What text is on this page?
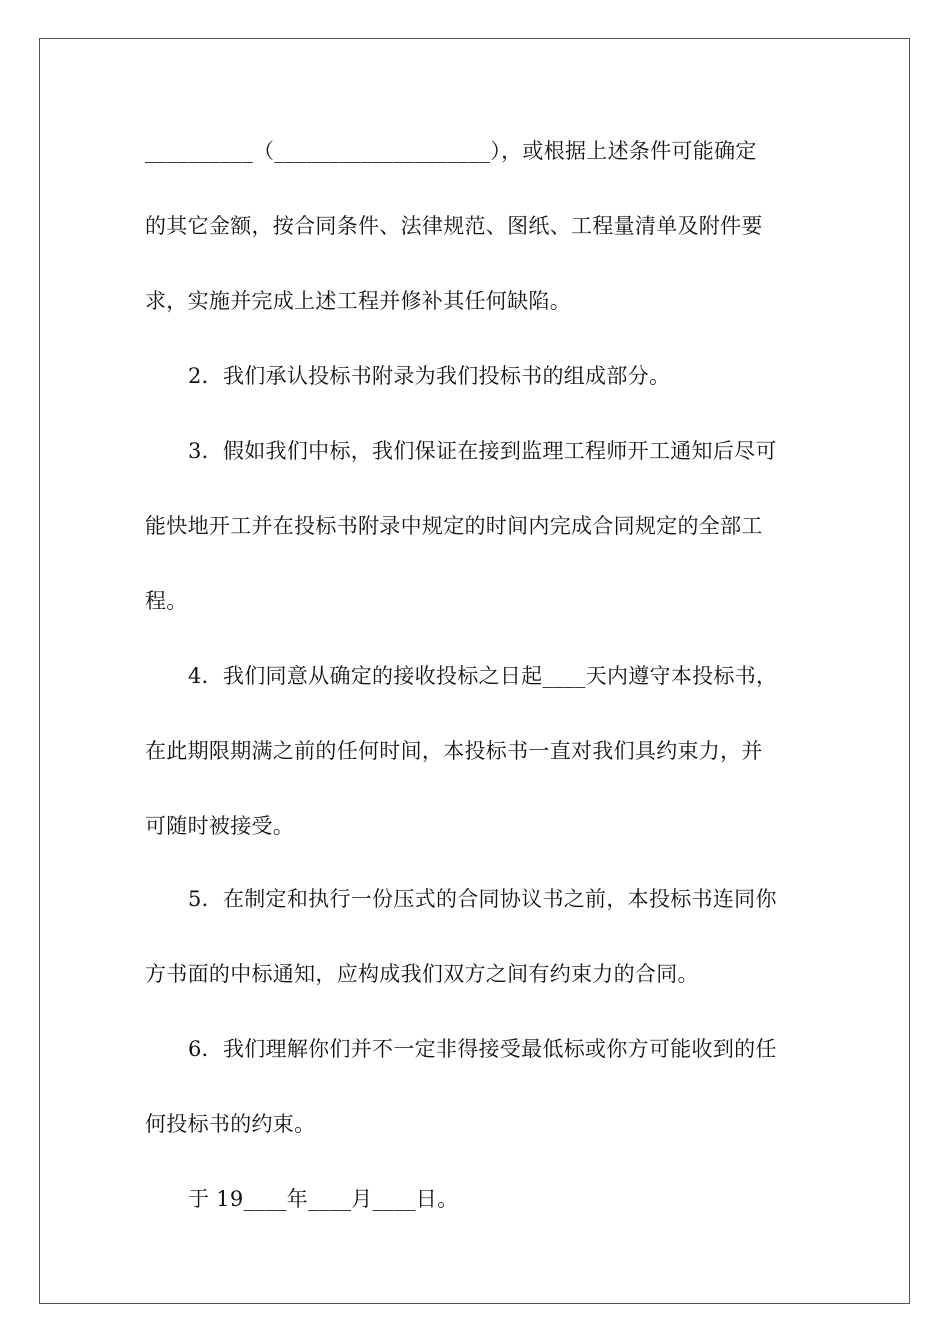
__________（____________________），或根据上述条件可能确定
的其它金额，按合同条件、法律规范、图纸、工程量清单及附件要
求，实施并完成上述工程并修补其任何缺陷。
2．我们承认投标书附录为我们投标书的组成部分。
3．假如我们中标，我们保证在接到监理工程师开工通知后尽可
能快地开工并在投标书附录中规定的时间内完成合同规定的全部工
程。
4．我们同意从确定的接收投标之日起____天内遵守本投标书，
在此期限期满之前的任何时间，本投标书一直对我们具约束力，并
可随时被接受。
5．在制定和执行一份压式的合同协议书之前，本投标书连同你
方书面的中标通知，应构成我们双方之间有约束力的合同。
6．我们理解你们并不一定非得接受最低标或你方可能收到的任
何投标书的约束。
于 19____年____月____日。
